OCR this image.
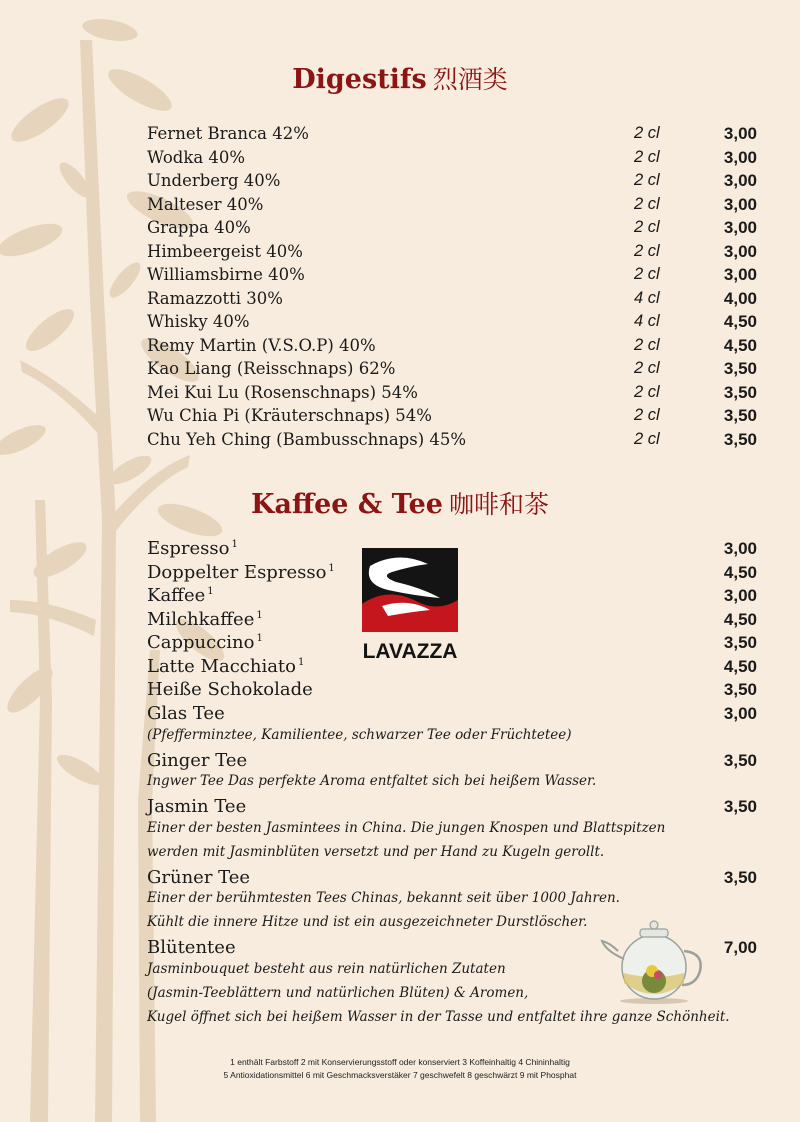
Digestifs 烈酒类
Fernet Branca 42%	2 cl	3,00
Wodka 40%	2 cl	3,00
Underberg 40%	2 cl	3,00
Malteser 40%	2 cl	3,00
Grappa 40%	2 cl	3,00
Himbeergeist 40%	2 cl	3,00
Williamsbirne 40%	2 cl	3,00
Ramazzotti 30%	4 cl	4,00
Whisky 40%	4 cl	4,50
Remy Martin (V.S.O.P) 40%	2 cl	4,50
Kao Liang (Reisschnaps) 62%	2 cl	3,50
Mei Kui Lu (Rosenschnaps) 54%	2 cl	3,50
Wu Chia Pi (Kräuterschnaps) 54%	2 cl	3,50
Chu Yeh Ching (Bambusschnaps) 45%	2 cl	3,50
Kaffee & Tee 咖啡和茶
LAVAZZA
Espresso $^1$	3,00
Doppelter Espresso $^1$	4,50
Kaffee $^1$	3,00
Milchkaffee $^1$	4,50
Cappuccino $^1$	3,50
Latte Macchiato $^1$	4,50
Heiße Schokolade	3,50
Glas Tee	3,00
(Pfefferminztee, Kamilientee, schwarzer Tee oder Früchtetee)
Ginger Tee	3,50
Ingwer Tee Das perfekte Aroma entfaltet sich bei heißem Wasser.
Jasmin Tee	3,50
Einer der besten Jasmintees in China. Die jungen Knospen und Blattspitzen
werden mit Jasminblüten versetzt und per Hand zu Kugeln gerollt.
Grüner Tee	3,50
Einer der berühmtesten Tees Chinas, bekannt seit über 1000 Jahren.
Kühlt die innere Hitze und ist ein ausgezeichneter Durstlöscher.
Blütentee	7,00
Jasminbouquet besteht aus rein natürlichen Zutaten
(Jasmin-Teeblättern und natürlichen Blüten) & Aromen,
Kugel öffnet sich bei heißem Wasser in der Tasse und entfaltet ihre ganze Schönheit.
1 enthält Farbstoff 2 mit Konservierungsstoff oder konserviert 3 Koffeinhaltig 4 Chininhaltig
5 Antioxidationsmittel 6 mit Geschmacksverstäker 7 geschwefelt 8 geschwärzt 9 mit Phosphat
